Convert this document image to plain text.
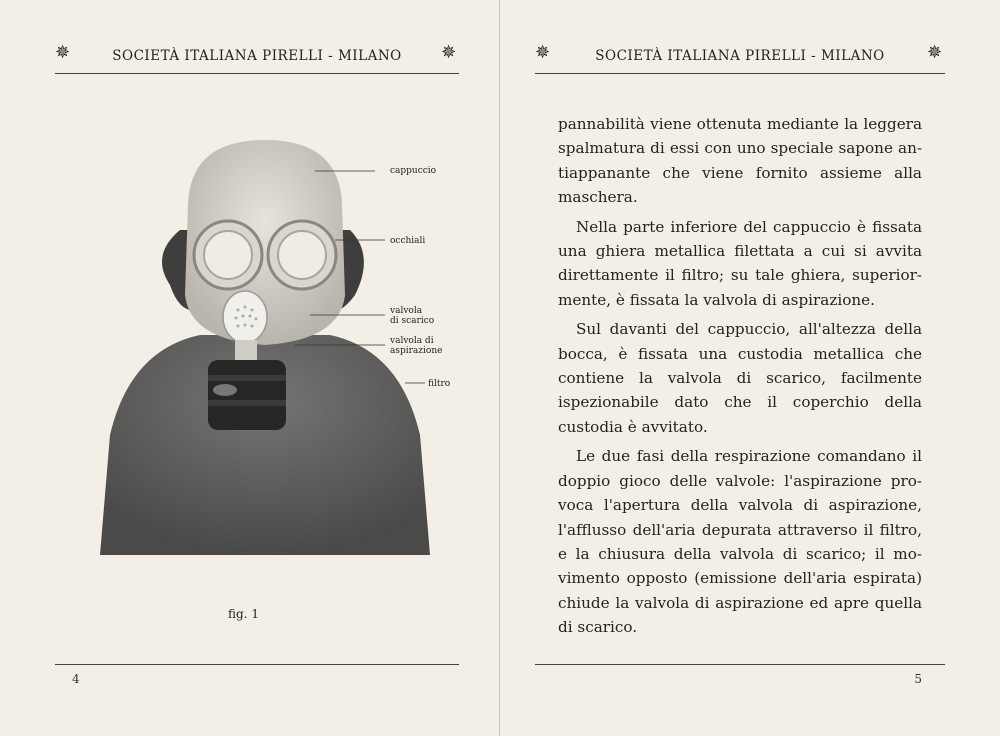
✵	SOCIETÀ ITALIANA PIRELLI - MILANO	✵
cappuccio
occhiali
valvola
di scarico
valvola di
aspirazione
filtro
fig. 1
4
✵	SOCIETÀ ITALIANA PIRELLI - MILANO	✵
5

pannabilità viene ottenuta mediante la leggera spalmatura di essi con uno speciale sapone antiappanante che viene fornito assieme alla maschera.

Nella parte inferiore del cappuccio è fissata una ghiera metallica filettata a cui si avvita direttamente il filtro; su tale ghiera, superiormente, è fissata la valvola di aspirazione.

Sul davanti del cappuccio, all'altezza della bocca, è fissata una custodia metallica che contiene la valvola di scarico, facilmente ispezionabile dato che il coperchio della custodia è avvitato.

Le due fasi della respirazione comandano il doppio gioco delle valvole: l'aspirazione provoca l'apertura della valvola di aspirazione, l'afflusso dell'aria depurata attraverso il filtro, e la chiusura della valvola di scarico; il movimento opposto (emissione dell'aria espirata) chiude la valvola di aspirazione ed apre quella di scarico.
